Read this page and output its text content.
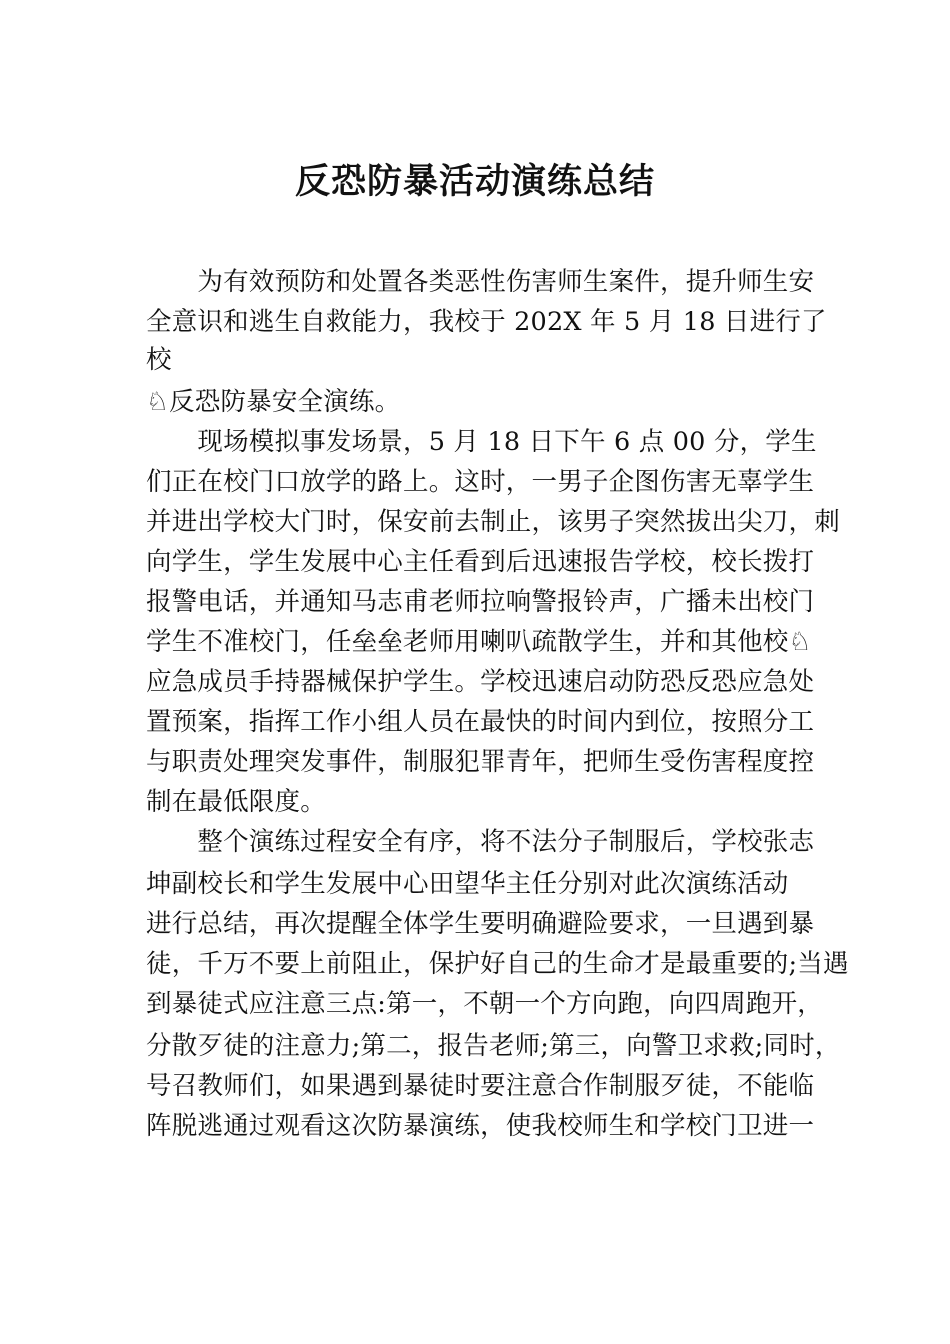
反恐防暴活动演练总结
　　为有效预防和处置各类恶性伤害师生案件，提升师生安
全意识和逃生自救能力，我校于 202X 年 5 月 18 日进行了
校
♘反恐防暴安全演练。
　　现场模拟事发场景，5 月 18 日下午 6 点 00 分，学生
们正在校门口放学的路上。这时，一男子企图伤害无辜学生
并进出学校大门时，保安前去制止，该男子突然拔出尖刀，刺
向学生，学生发展中心主任看到后迅速报告学校，校长拨打
报警电话，并通知马志甫老师拉响警报铃声，广播未出校门
学生不准校门，任垒垒老师用喇叭疏散学生，并和其他校♘
应急成员手持器械保护学生。学校迅速启动防恐反恐应急处
置预案，指挥工作小组人员在最快的时间内到位，按照分工
与职责处理突发事件，制服犯罪青年，把师生受伤害程度控
制在最低限度。
　　整个演练过程安全有序，将不法分子制服后，学校张志
坤副校长和学生发展中心田望华主任分别对此次演练活动
进行总结，再次提醒全体学生要明确避险要求，一旦遇到暴
徒，千万不要上前阻止，保护好自己的生命才是最重要的;当遇
到暴徒式应注意三点:第一，不朝一个方向跑，向四周跑开，
分散歹徒的注意力;第二，报告老师;第三，向警卫求救;同时，
号召教师们，如果遇到暴徒时要注意合作制服歹徒，不能临
阵脱逃通过观看这次防暴演练，使我校师生和学校门卫进一
